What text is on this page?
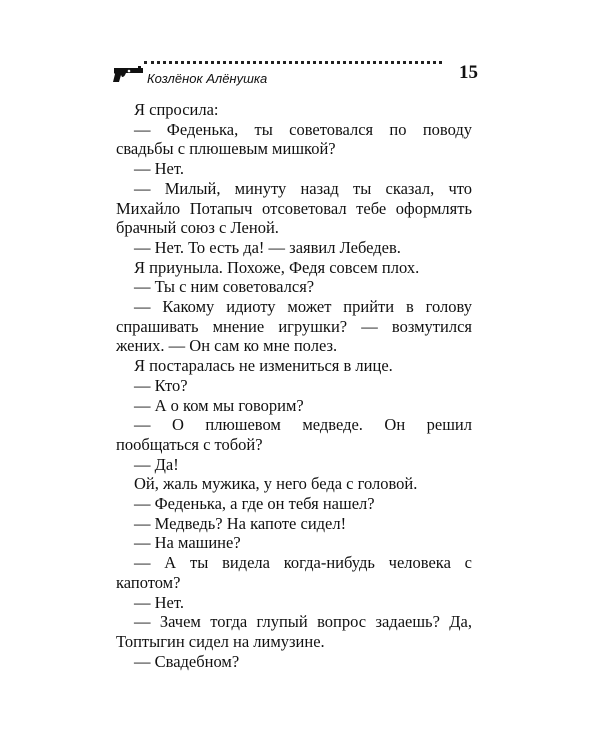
Козлёнок Алёнушка	15

Я спросила:

— Феденька, ты советовался по поводу свадьбы с плюшевым мишкой?

— Нет.

— Милый, минуту назад ты сказал, что Михайло Потапыч отсоветовал тебе оформлять брачный союз с Леной.

— Нет. То есть да! — заявил Лебедев.

Я приуныла. Похоже, Федя совсем плох.

— Ты с ним советовался?

— Какому идиоту может прийти в голову спрашивать мнение игрушки? — возмутился жених. — Он сам ко мне полез.

Я постаралась не измениться в лице.

— Кто?

— А о ком мы говорим?

— О плюшевом медведе. Он решил пообщаться с тобой?

— Да!

Ой, жаль мужика, у него беда с головой.

— Феденька, а где он тебя нашел?

— Медведь? На капоте сидел!

— На машине?

— А ты видела когда-нибудь человека с капотом?

— Нет.

— Зачем тогда глупый вопрос задаешь? Да, Топтыгин сидел на лимузине.

— Свадебном?
